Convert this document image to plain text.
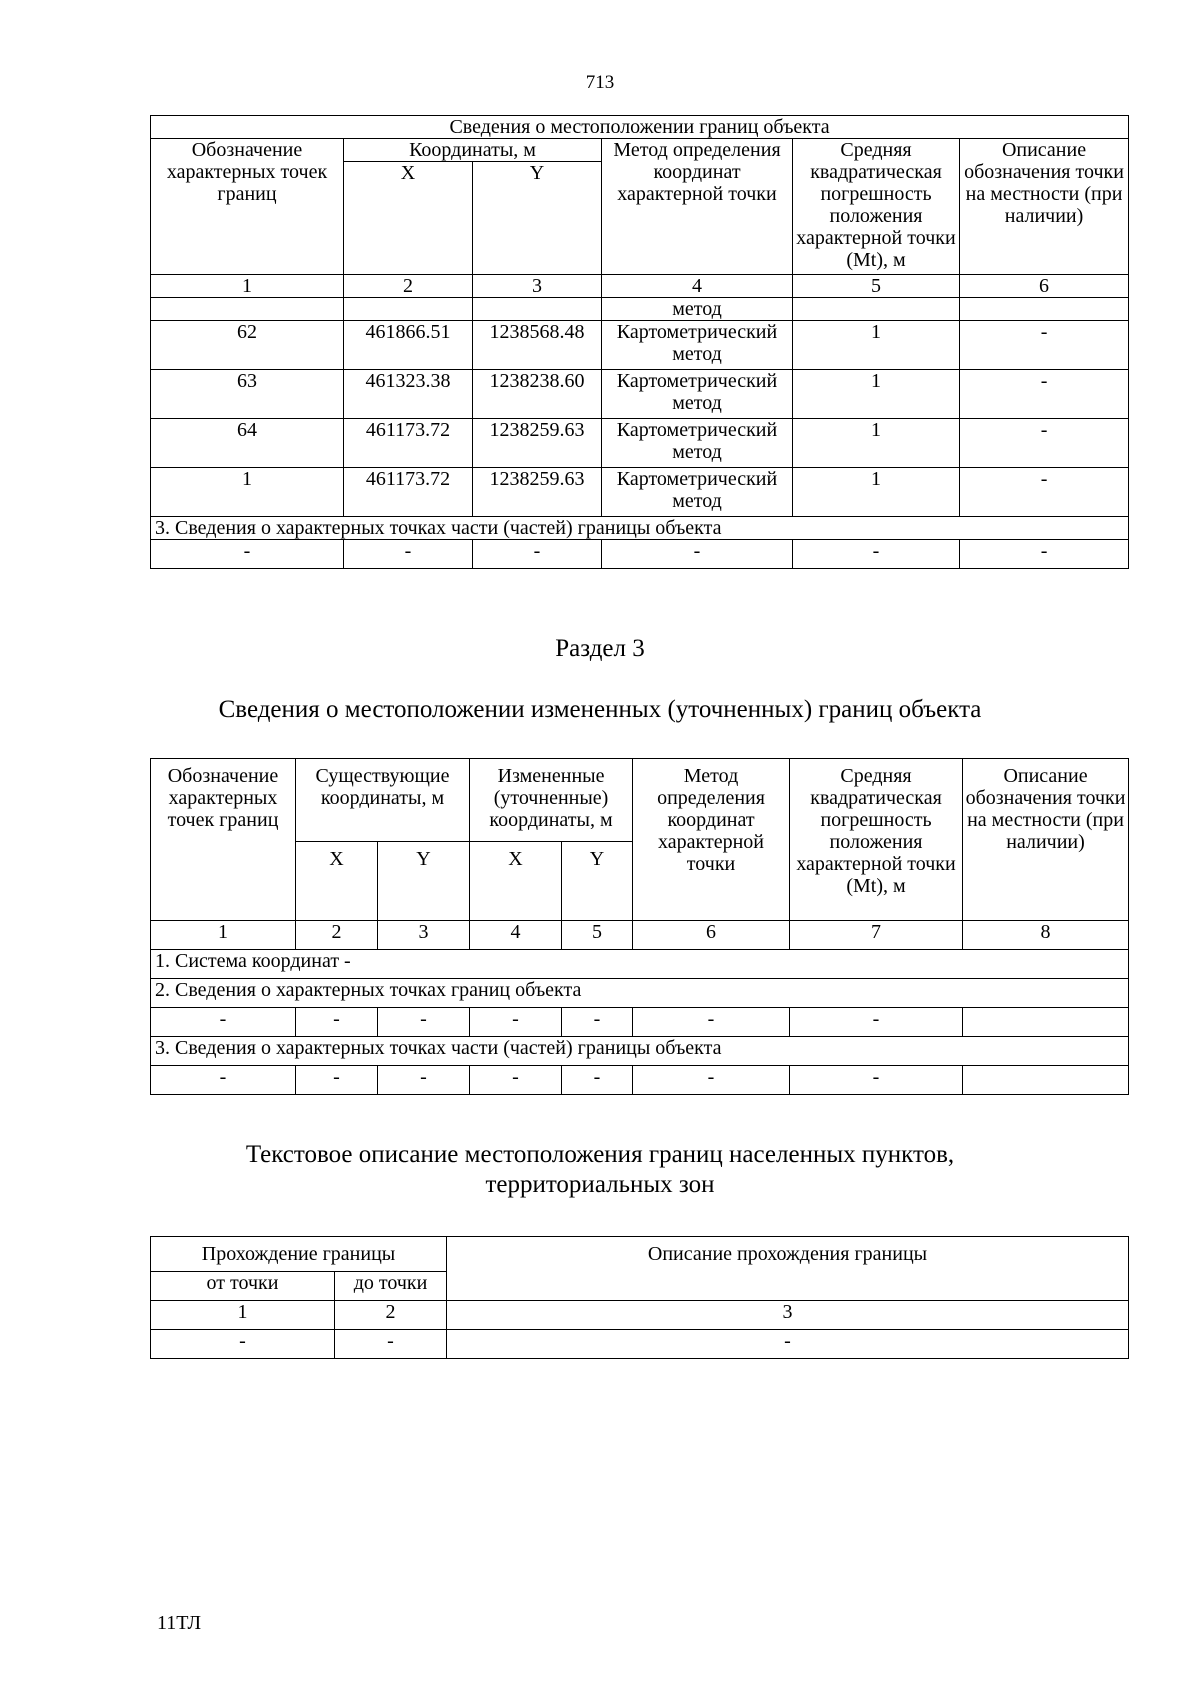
713
Сведения о местоположении границ объекта					
Обозначение характерных точек границ	Координаты, м		Метод определения координат характерной точки	Средняя квадратическая погрешность положения характерной точки (Mt), м	Описание обозначения точки на местности (при наличии)
	X	Y			
1	2	3	4	5	6
			метод		
62	461866.51	1238568.48	Картометрический метод	1	-
63	461323.38	1238238.60	Картометрический метод	1	-
64	461173.72	1238259.63	Картометрический метод	1	-
1	461173.72	1238259.63	Картометрический метод	1	-
3. Сведения о характерных точках части (частей) границы объекта					
-	-	-	-	-	-
Раздел 3
Сведения о местоположении измененных (уточненных) границ объекта
Обозначение характерных точек границ	Существующие координаты, м		Измененные (уточненные) координаты, м		Метод определения координат характерной точки	Средняя квадратическая погрешность положения характерной точки (Mt), м	Описание обозначения точки на местности (при наличии)
	X	Y	X	Y			
1	2	3	4	5	6	7	8
1. Система координат -							
2. Сведения о характерных точках границ объекта							
-	-	-	-	-	-	-	
3. Сведения о характерных точках части (частей) границы объекта							
-	-	-	-	-	-	-	
Текстовое описание местоположения границ населенных пунктов, территориальных зон
Прохождение границы		Описание прохождения границы
от точки	до точки	
1	2	3
-	-	-
11ТЛ
